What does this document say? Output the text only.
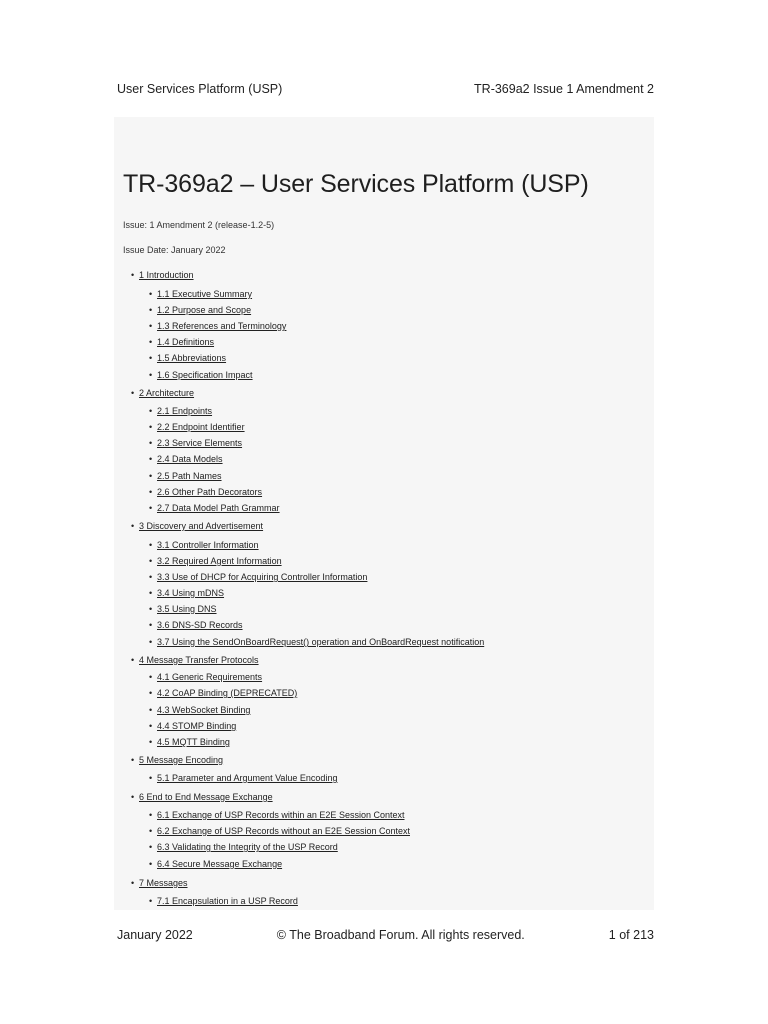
User Services Platform (USP)	TR-369a2 Issue 1 Amendment 2
TR-369a2 – User Services Platform (USP)

Issue: 1 Amendment 2 (release-1.2-5)

Issue Date: January 2022

• 1 Introduction
• 1.1 Executive Summary
• 1.2 Purpose and Scope
• 1.3 References and Terminology
• 1.4 Definitions
• 1.5 Abbreviations
• 1.6 Specification Impact
• 2 Architecture
• 2.1 Endpoints
• 2.2 Endpoint Identifier
• 2.3 Service Elements
• 2.4 Data Models
• 2.5 Path Names
• 2.6 Other Path Decorators
• 2.7 Data Model Path Grammar
• 3 Discovery and Advertisement
• 3.1 Controller Information
• 3.2 Required Agent Information
• 3.3 Use of DHCP for Acquiring Controller Information
• 3.4 Using mDNS
• 3.5 Using DNS
• 3.6 DNS-SD Records
• 3.7 Using the SendOnBoardRequest() operation and OnBoardRequest notification
• 4 Message Transfer Protocols
• 4.1 Generic Requirements
• 4.2 CoAP Binding (DEPRECATED)
• 4.3 WebSocket Binding
• 4.4 STOMP Binding
• 4.5 MQTT Binding
• 5 Message Encoding
• 5.1 Parameter and Argument Value Encoding
• 6 End to End Message Exchange
• 6.1 Exchange of USP Records within an E2E Session Context
• 6.2 Exchange of USP Records without an E2E Session Context
• 6.3 Validating the Integrity of the USP Record
• 6.4 Secure Message Exchange
• 7 Messages
• 7.1 Encapsulation in a USP Record
January 2022	© The Broadband Forum. All rights reserved.	1 of 213
